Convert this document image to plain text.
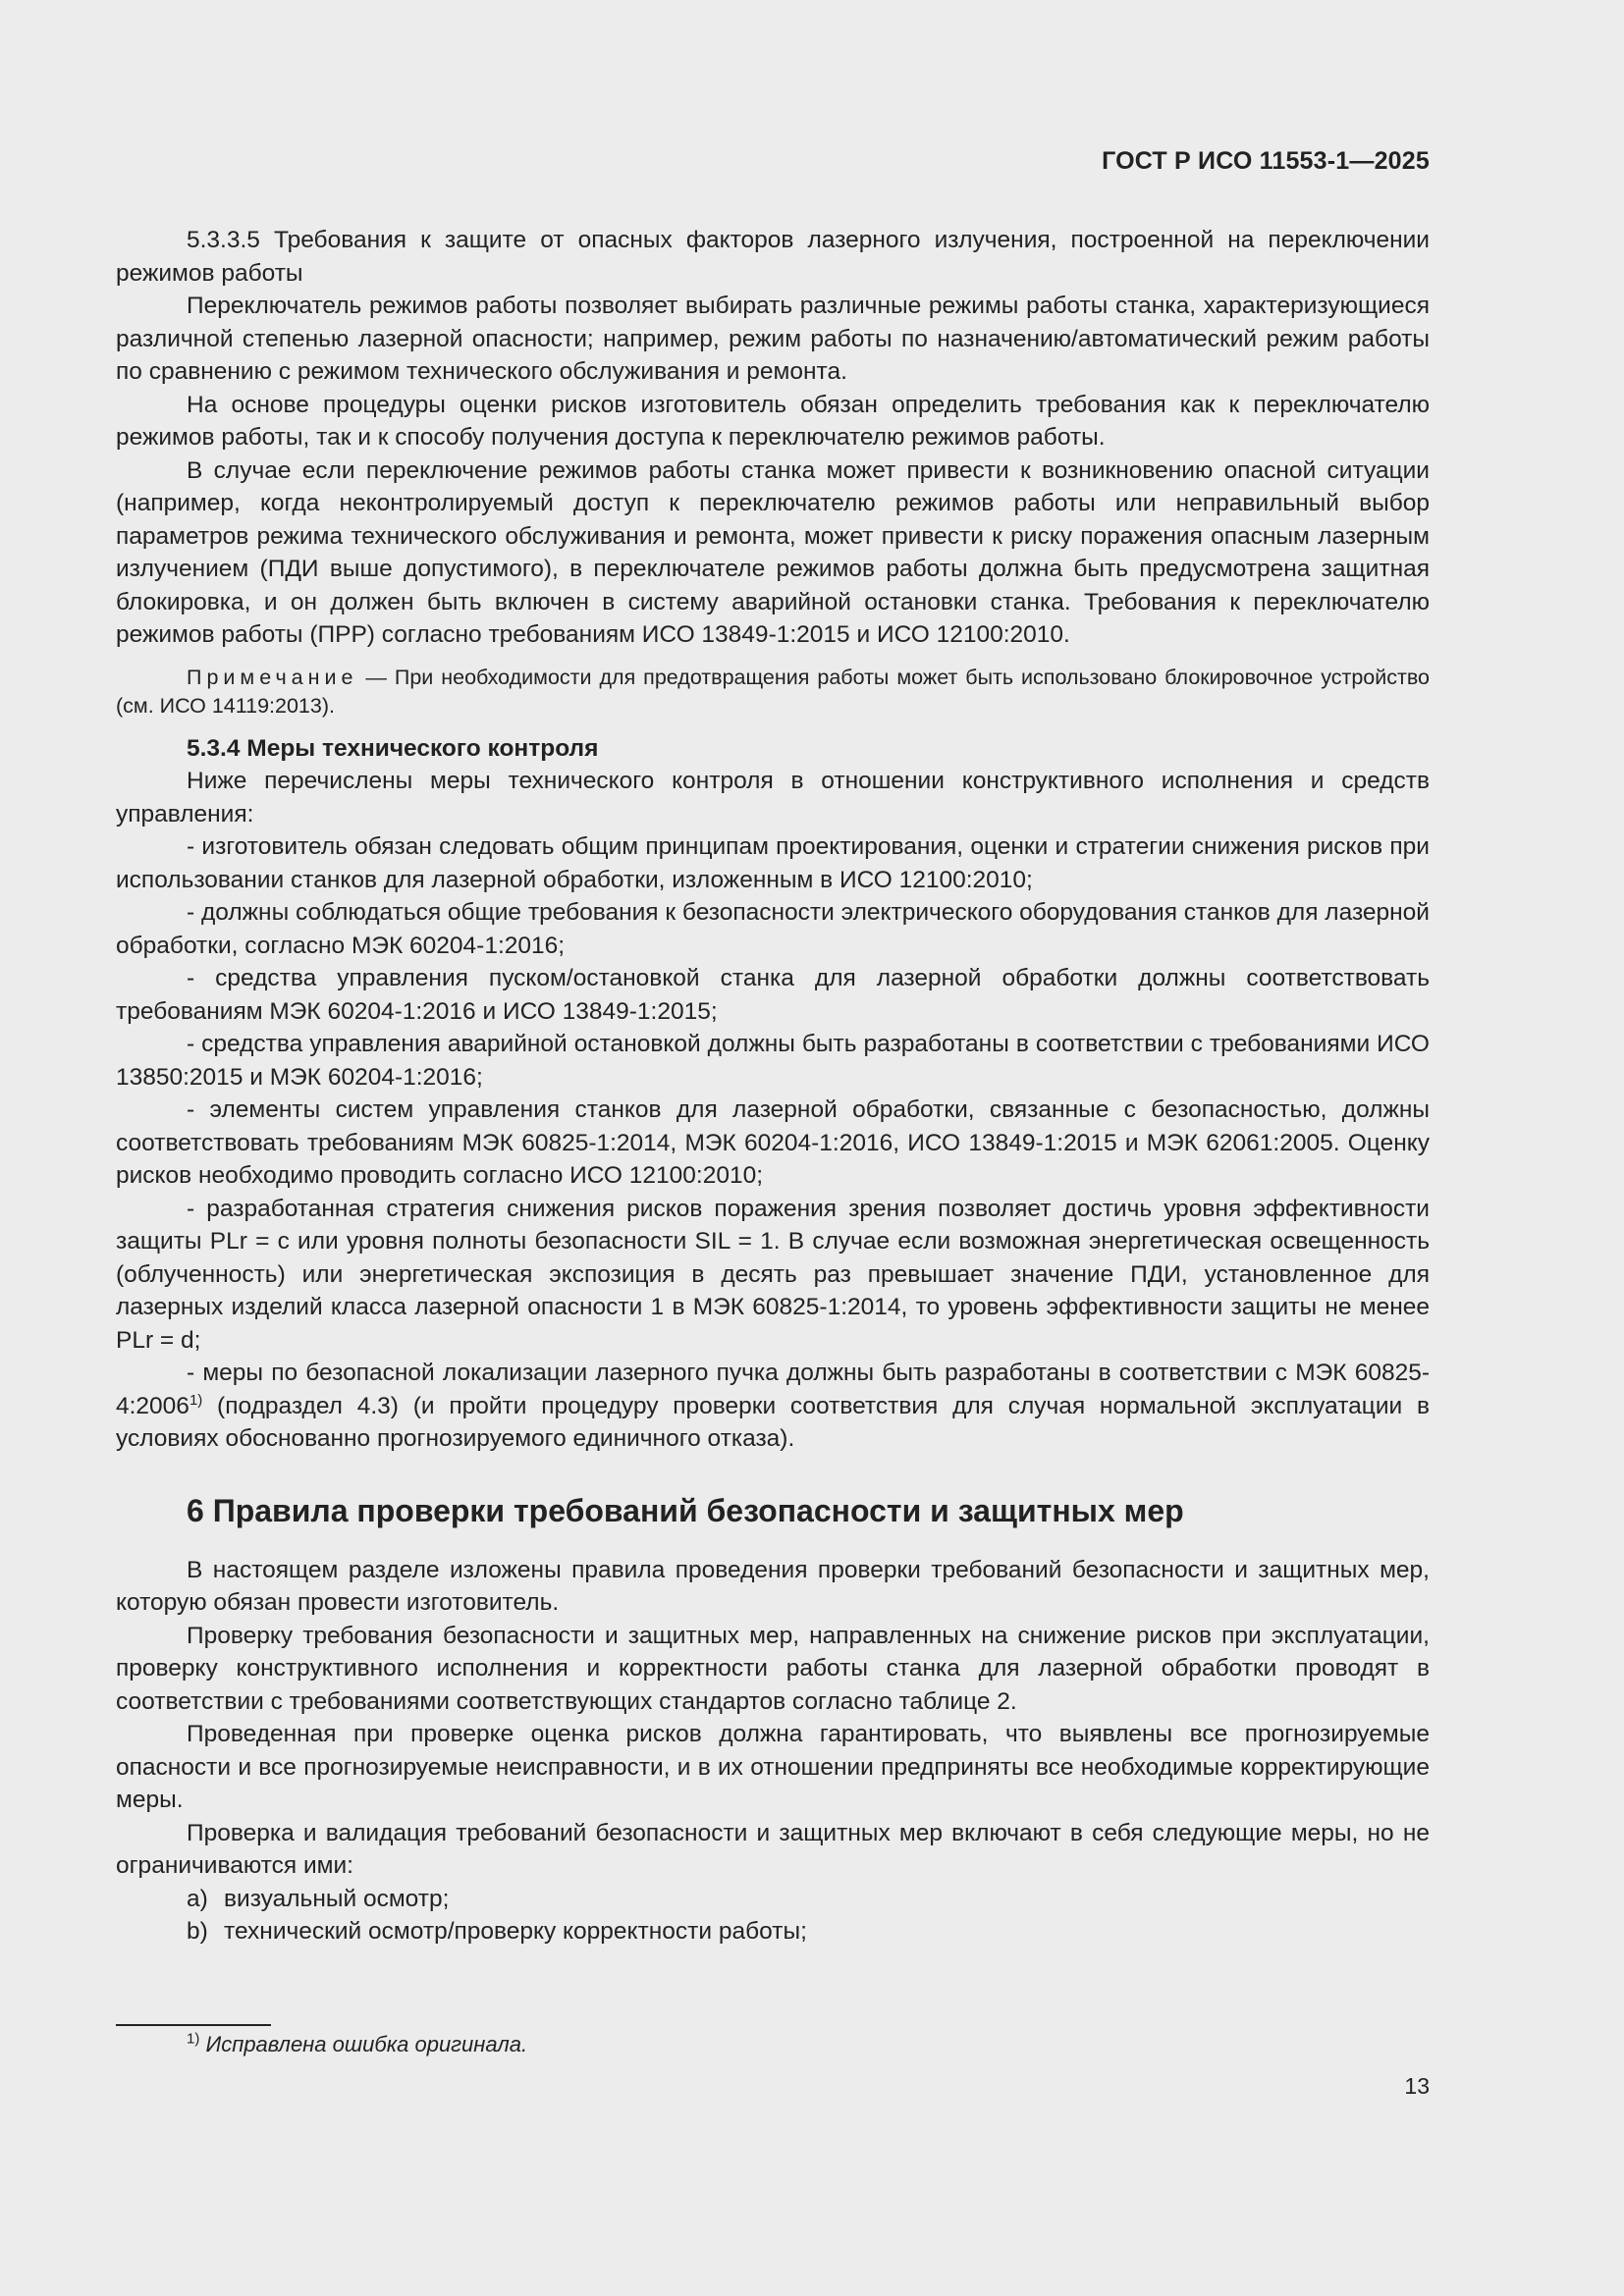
ГОСТ Р ИСО 11553-1—2025

5.3.3.5 Требования к защите от опасных факторов лазерного излучения, построенной на переключении режимов работы

Переключатель режимов работы позволяет выбирать различные режимы работы станка, характеризующиеся различной степенью лазерной опасности; например, режим работы по назначению/автоматический режим работы по сравнению с режимом технического обслуживания и ремонта.

На основе процедуры оценки рисков изготовитель обязан определить требования как к переключателю режимов работы, так и к способу получения доступа к переключателю режимов работы.

В случае если переключение режимов работы станка может привести к возникновению опасной ситуации (например, когда неконтролируемый доступ к переключателю режимов работы или неправильный выбор параметров режима технического обслуживания и ремонта, может привести к риску поражения опасным лазерным излучением (ПДИ выше допустимого), в переключателе режимов работы должна быть предусмотрена защитная блокировка, и он должен быть включен в систему аварийной остановки станка. Требования к переключателю режимов работы (ПРР) согласно требованиям ИСО 13849-1:2015 и ИСО 12100:2010.

Примечание — При необходимости для предотвращения работы может быть использовано блокировочное устройство (см. ИСО 14119:2013).

5.3.4 Меры технического контроля

Ниже перечислены меры технического контроля в отношении конструктивного исполнения и средств управления:

- изготовитель обязан следовать общим принципам проектирования, оценки и стратегии снижения рисков при использовании станков для лазерной обработки, изложенным в ИСО 12100:2010;

- должны соблюдаться общие требования к безопасности электрического оборудования станков для лазерной обработки, согласно МЭК 60204-1:2016;

- средства управления пуском/остановкой станка для лазерной обработки должны соответствовать требованиям МЭК 60204-1:2016 и ИСО 13849-1:2015;

- средства управления аварийной остановкой должны быть разработаны в соответствии с требованиями ИСО 13850:2015 и МЭК 60204-1:2016;

- элементы систем управления станков для лазерной обработки, связанные с безопасностью, должны соответствовать требованиям МЭК 60825-1:2014, МЭК 60204-1:2016, ИСО 13849-1:2015 и МЭК 62061:2005. Оценку рисков необходимо проводить согласно ИСО 12100:2010;

- разработанная стратегия снижения рисков поражения зрения позволяет достичь уровня эффективности защиты PLr = c или уровня полноты безопасности SIL = 1. В случае если возможная энергетическая освещенность (облученность) или энергетическая экспозиция в десять раз превышает значение ПДИ, установленное для лазерных изделий класса лазерной опасности 1 в МЭК 60825-1:2014, то уровень эффективности защиты не менее PLr = d;

- меры по безопасной локализации лазерного пучка должны быть разработаны в соответствии с МЭК 60825-4:2006$^{1)}$ (подраздел 4.3) (и пройти процедуру проверки соответствия для случая нормальной эксплуатации в условиях обоснованно прогнозируемого единичного отказа).

6 Правила проверки требований безопасности и защитных мер

В настоящем разделе изложены правила проведения проверки требований безопасности и защитных мер, которую обязан провести изготовитель.

Проверку требования безопасности и защитных мер, направленных на снижение рисков при эксплуатации, проверку конструктивного исполнения и корректности работы станка для лазерной обработки проводят в соответствии с требованиями соответствующих стандартов согласно таблице 2.

Проведенная при проверке оценка рисков должна гарантировать, что выявлены все прогнозируемые опасности и все прогнозируемые неисправности, и в их отношении предприняты все необходимые корректирующие меры.

Проверка и валидация требований безопасности и защитных мер включают в себя следующие меры, но не ограничиваются ими:

a) визуальный осмотр;
b) технический осмотр/проверку корректности работы;

$^{1)}$ Исправлена ошибка оригинала.
13
